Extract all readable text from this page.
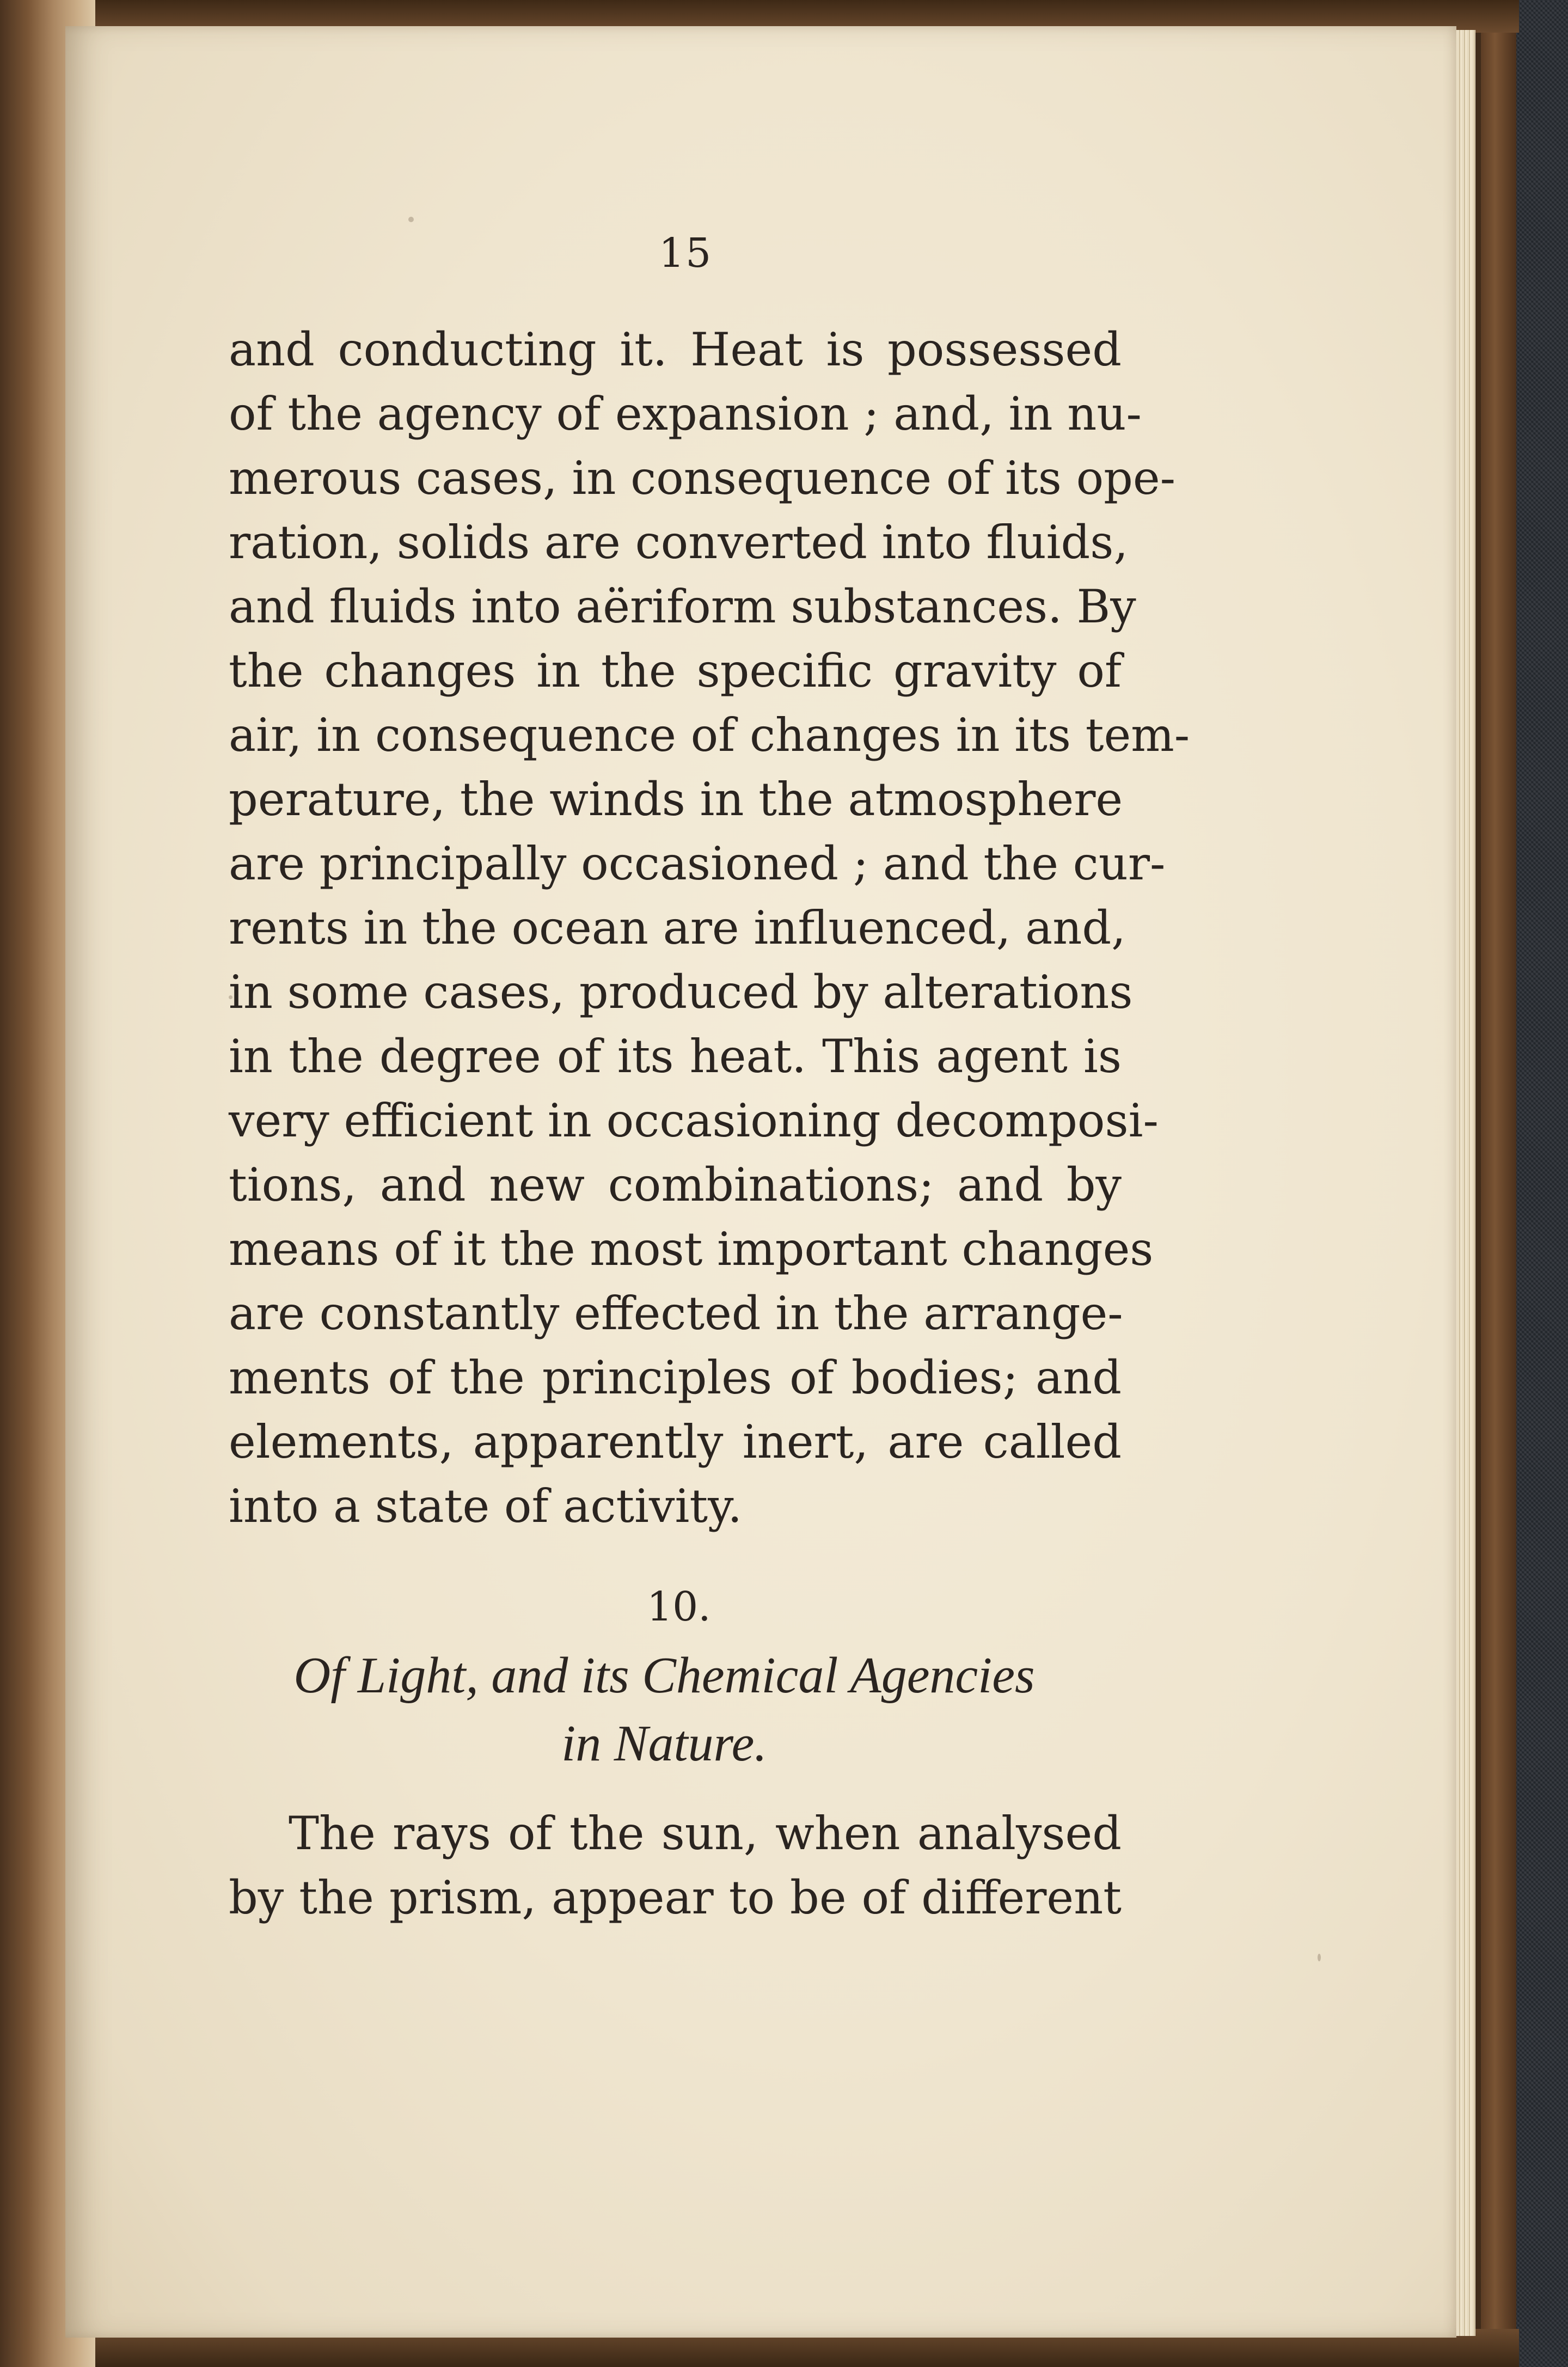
15
and conducting it. Heat is possessed
of the agency of expansion ; and, in nu-
merous cases, in consequence of its ope-
ration, solids are converted into fluids,
and fluids into aëriform substances. By
the changes in the specific gravity of
air, in consequence of changes in its tem-
perature, the winds in the atmosphere
are principally occasioned ; and the cur-
rents in the ocean are influenced, and,
in some cases, produced by alterations
in the degree of its heat. This agent is
very efficient in occasioning decomposi-
tions, and new combinations; and by
means of it the most important changes
are constantly effected in the arrange-
ments of the principles of bodies; and
elements, apparently inert, are called
into a state of activity.
10.
Of Light, and its Chemical Agencies
in Nature.
The rays of the sun, when analysed
by the prism, appear to be of different
